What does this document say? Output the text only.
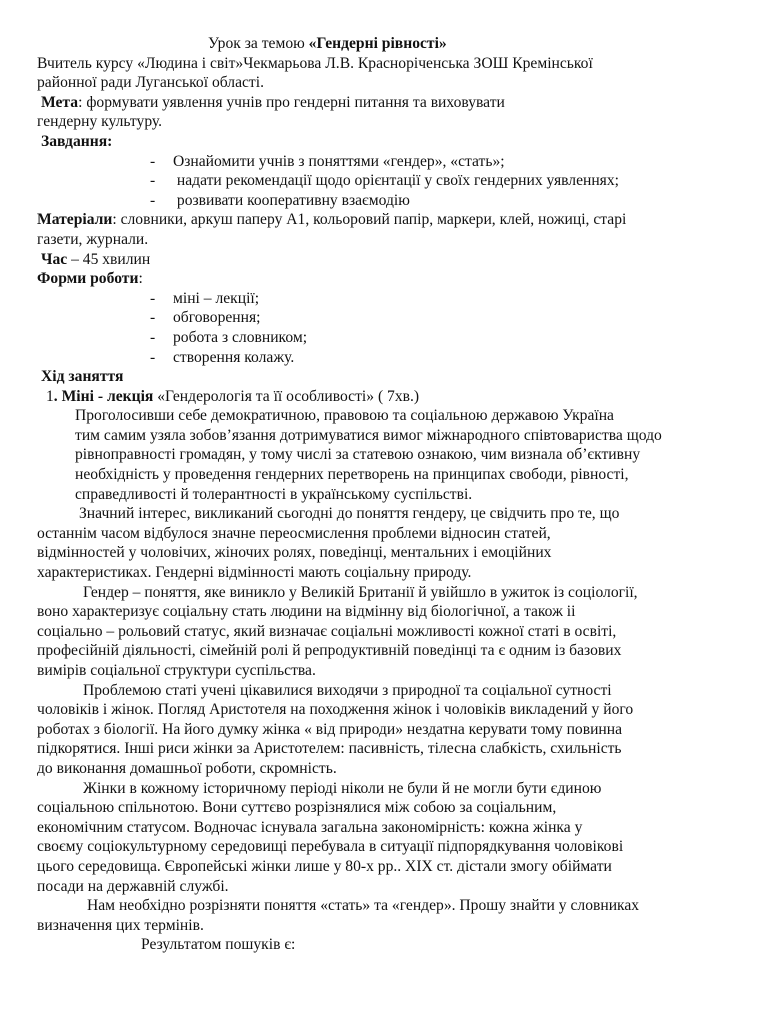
Урок за темою «Гендерні рівності»
Вчитель курсу «Людина і світ»Чекмарьова Л.В. Красноріченська ЗОШ Кремінської
районної ради Луганської області.
Мета: формувати уявлення учнів про гендерні питання та виховувати
гендерну культуру.
Завдання:
- Ознайомити учнів з поняттями «гендер», «стать»;
- надати рекомендації щодо орієнтації у своїх гендерних уявленнях;
- розвивати кооперативну взаємодію
Матеріали: словники, аркуш паперу А1, кольоровий папір, маркери, клей, ножиці, старі
газети, журнали.
Час – 45 хвилин
Форми роботи:
- міні – лекції;
- обговорення;
- робота з словником;
- створення колажу.
Хід заняття
1. Міні - лекція «Гендерологія та її особливості» ( 7хв.)
Проголосивши себе демократичною, правовою та соціальною державою Україна
тим самим узяла зобов’язання дотримуватися вимог міжнародного співтовариства щодо
рівноправності громадян, у тому числі за статевою ознакою, чим визнала об’єктивну
необхідність у проведення гендерних перетворень на принципах свободи, рівності,
справедливості й толерантності в українському суспільстві.
Значний інтерес, викликаний сьогодні до поняття гендеру, це свідчить про те, що
останнім часом відбулося значне переосмислення проблеми відносин статей,
відмінностей у чоловічих, жіночих ролях, поведінці, ментальних і емоційних
характеристиках. Гендерні відмінності мають соціальну природу.
Гендер – поняття, яке виникло у Великій Британії й увійшло в ужиток із соціології,
воно характеризує соціальну стать людини на відмінну від біологічної, а також іі
соціально – рольовий статус, який визначає соціальні можливості кожної статі в освіті,
професійній діяльності, сімейній ролі й репродуктивній поведінці та є одним із базових
вимірів соціальної структури суспільства.
Проблемою статі учені цікавилися виходячи з природної та соціальної сутності
чоловіків і жінок. Погляд Аристотеля на походження жінок і чоловіків викладений у його
роботах з біології. На його думку жінка « від природи» нездатна керувати тому повинна
підкорятися. Інші риси жінки за Аристотелем: пасивність, тілесна слабкість, схильність
до виконання домашньої роботи, скромність.
Жінки в кожному історичному періоді ніколи не були й не могли бути єдиною
соціальною спільнотою. Вони суттєво розрізнялися між собою за соціальним,
економічним статусом. Водночас існувала загальна закономірність: кожна жінка у
своєму соціокультурному середовищі перебувала в ситуації підпорядкування чоловікові
цього середовища. Європейські жінки лише у 80-х рр.. ХІХ ст. дістали змогу обіймати
посади на державній службі.
Нам необхідно розрізняти поняття «стать» та «гендер». Прошу знайти у словниках
визначення цих термінів.
Результатом пошуків є:
